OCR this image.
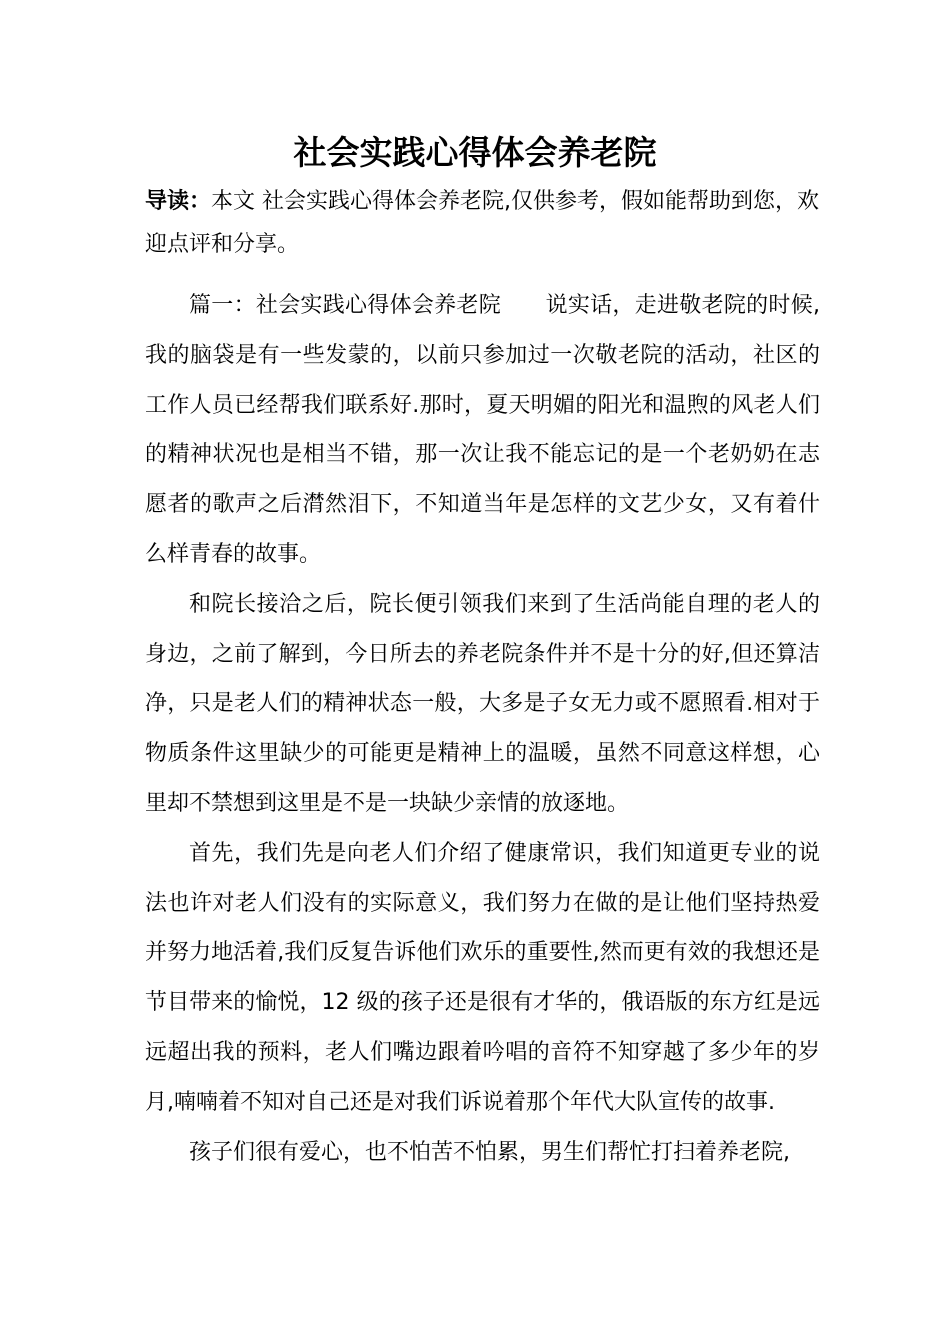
社会实践心得体会养老院

导读：本文 社会实践心得体会养老院,仅供参考，假如能帮助到您，欢迎点评和分享。

篇一：社会实践心得体会养老院　　说实话，走进敬老院的时候,我的脑袋是有一些发蒙的，以前只参加过一次敬老院的活动，社区的工作人员已经帮我们联系好.那时，夏天明媚的阳光和温煦的风老人们的精神状况也是相当不错，那一次让我不能忘记的是一个老奶奶在志愿者的歌声之后潸然泪下，不知道当年是怎样的文艺少女，又有着什么样青春的故事。

和院长接洽之后，院长便引领我们来到了生活尚能自理的老人的身边，之前了解到，今日所去的养老院条件并不是十分的好,但还算洁净，只是老人们的精神状态一般，大多是子女无力或不愿照看.相对于物质条件这里缺少的可能更是精神上的温暖，虽然不同意这样想，心里却不禁想到这里是不是一块缺少亲情的放逐地。

首先，我们先是向老人们介绍了健康常识，我们知道更专业的说法也许对老人们没有的实际意义，我们努力在做的是让他们坚持热爱并努力地活着,我们反复告诉他们欢乐的重要性,然而更有效的我想还是节目带来的愉悦，12 级的孩子还是很有才华的，俄语版的东方红是远远超出我的预料，老人们嘴边跟着吟唱的音符不知穿越了多少年的岁月,喃喃着不知对自己还是对我们诉说着那个年代大队宣传的故事.

孩子们很有爱心，也不怕苦不怕累，男生们帮忙打扫着养老院,
